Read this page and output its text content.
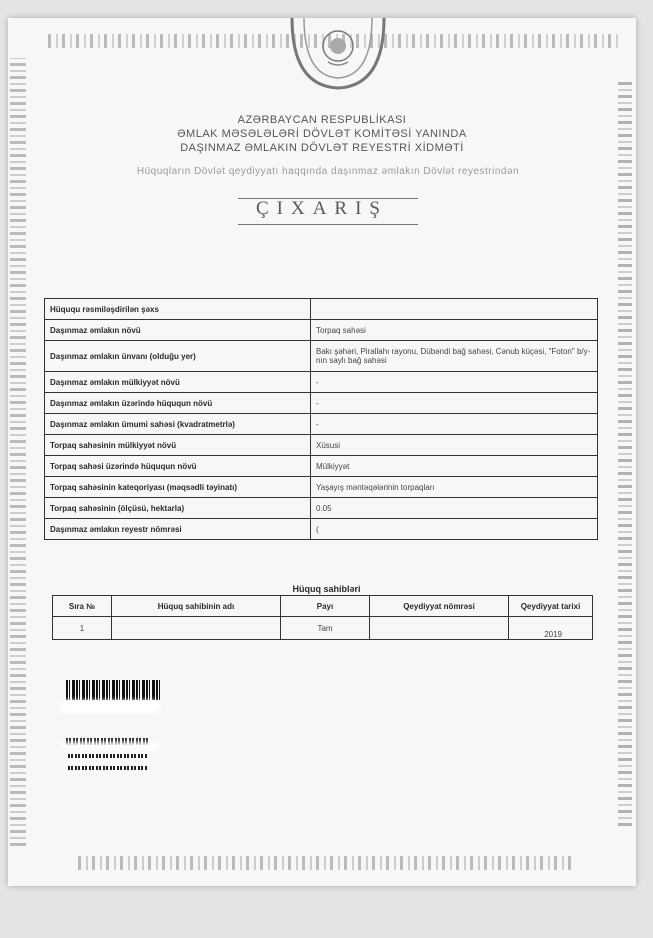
AZƏRBAYCAN RESPUBLİKASI
ƏMLAK MƏSƏLƏLƏRİ DÖVLƏT KOMİTƏSİ YANINDA
DAŞINMAZ ƏMLAKIN DÖVLƏT REYESTRİ XİDMƏTİ
Hüquqların Dövlət qeydiyyatı haqqında daşınmaz əmlakın Dövlət reyestrindən
ÇIXARIŞ
Hüququ rəsmiləşdirilən şəxs	
Daşınmaz əmlakın növü	Torpaq sahəsi
Daşınmaz əmlakın ünvanı (olduğu yer)	Bakı şəhəri, Pirallahı rayonu, Dübəndi bağ sahəsi, Cənub küçəsi, "Foton" b/y-nın saylı bağ sahəsi
Daşınmaz əmlakın mülkiyyət növü	-
Daşınmaz əmlakın üzərində hüququn növü	-
Daşınmaz əmlakın ümumi sahəsi (kvadratmetrlə)	-
Torpaq sahəsinin mülkiyyət növü	Xüsusi
Torpaq sahəsi üzərində hüququn növü	Mülkiyyət
Torpaq sahəsinin kateqoriyası (məqsədli təyinatı)	Yaşayış məntəqələrinin torpaqları
Torpaq sahəsinin (ölçüsü, hektarla)	0.05
Daşınmaz əmlakın reyestr nömrəsi	(
Hüquq sahibləri
Sıra №	Hüquq sahibinin adı	Payı	Qeydiyyat nömrəsi	Qeydiyyat tarixi
1		Tam		2019
